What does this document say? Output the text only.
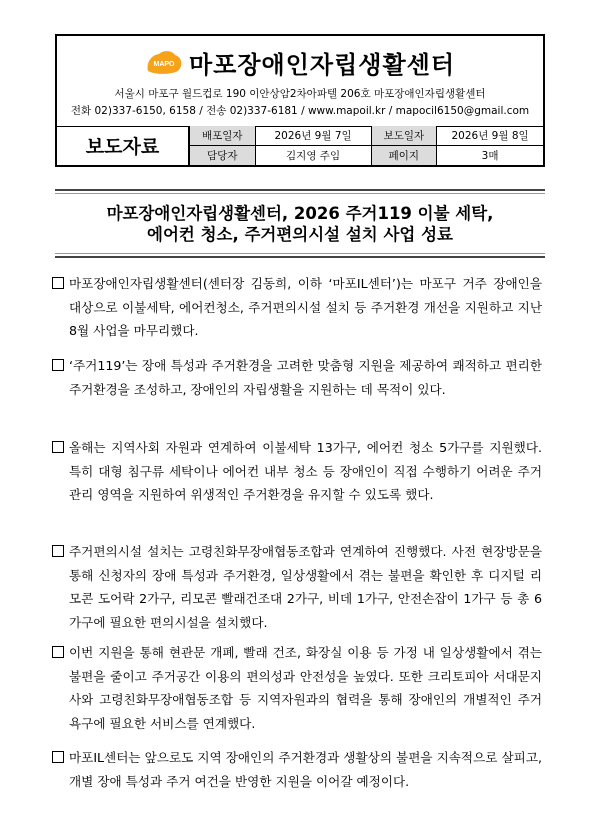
MAPO 마포장애인자립생활센터
서울시 마포구 월드컵로 190 이안상암2차아파텔 206호 마포장애인자립생활센터
전화 02)337-6150, 6158 / 전송 02)337-6181 / www.mapoil.kr / mapocil6150@gmail.com
보도자료	배포일자	2026년 9월 7일	보도일자	2026년 9월 8일
담당자	김지영 주임	페이지	3매
마포장애인자립생활센터, 2026 주거119 이불 세탁,
에어컨 청소, 주거편의시설 설치 사업 성료
마포장애인자립생활센터(센터장 김동희, 이하 ‘마포IL센터’)는 마포구 거주 장애인을 대상으로 이불세탁, 에어컨청소, 주거편의시설 설치 등 주거환경 개선을 지원하고 지난 8월 사업을 마무리했다.
‘주거119’는 장애 특성과 주거환경을 고려한 맞춤형 지원을 제공하여 쾌적하고 편리한 주거환경을 조성하고, 장애인의 자립생활을 지원하는 데 목적이 있다.
올해는 지역사회 자원과 연계하여 이불세탁 13가구, 에어컨 청소 5가구를 지원했다. 특히 대형 침구류 세탁이나 에어컨 내부 청소 등 장애인이 직접 수행하기 어려운 주거 관리 영역을 지원하여 위생적인 주거환경을 유지할 수 있도록 했다.
주거편의시설 설치는 고령친화무장애협동조합과 연계하여 진행했다. 사전 현장방문을 통해 신청자의 장애 특성과 주거환경, 일상생활에서 겪는 불편을 확인한 후 디지털 리모콘 도어락 2가구, 리모콘 빨래건조대 2가구, 비데 1가구, 안전손잡이 1가구 등 총 6가구에 필요한 편의시설을 설치했다.
이번 지원을 통해 현관문 개폐, 빨래 건조, 화장실 이용 등 가정 내 일상생활에서 겪는 불편을 줄이고 주거공간 이용의 편의성과 안전성을 높였다. 또한 크리토피아 서대문지사와 고령친화무장애협동조합 등 지역자원과의 협력을 통해 장애인의 개별적인 주거 욕구에 필요한 서비스를 연계했다.
마포IL센터는 앞으로도 지역 장애인의 주거환경과 생활상의 불편을 지속적으로 살피고, 개별 장애 특성과 주거 여건을 반영한 지원을 이어갈 예정이다.
